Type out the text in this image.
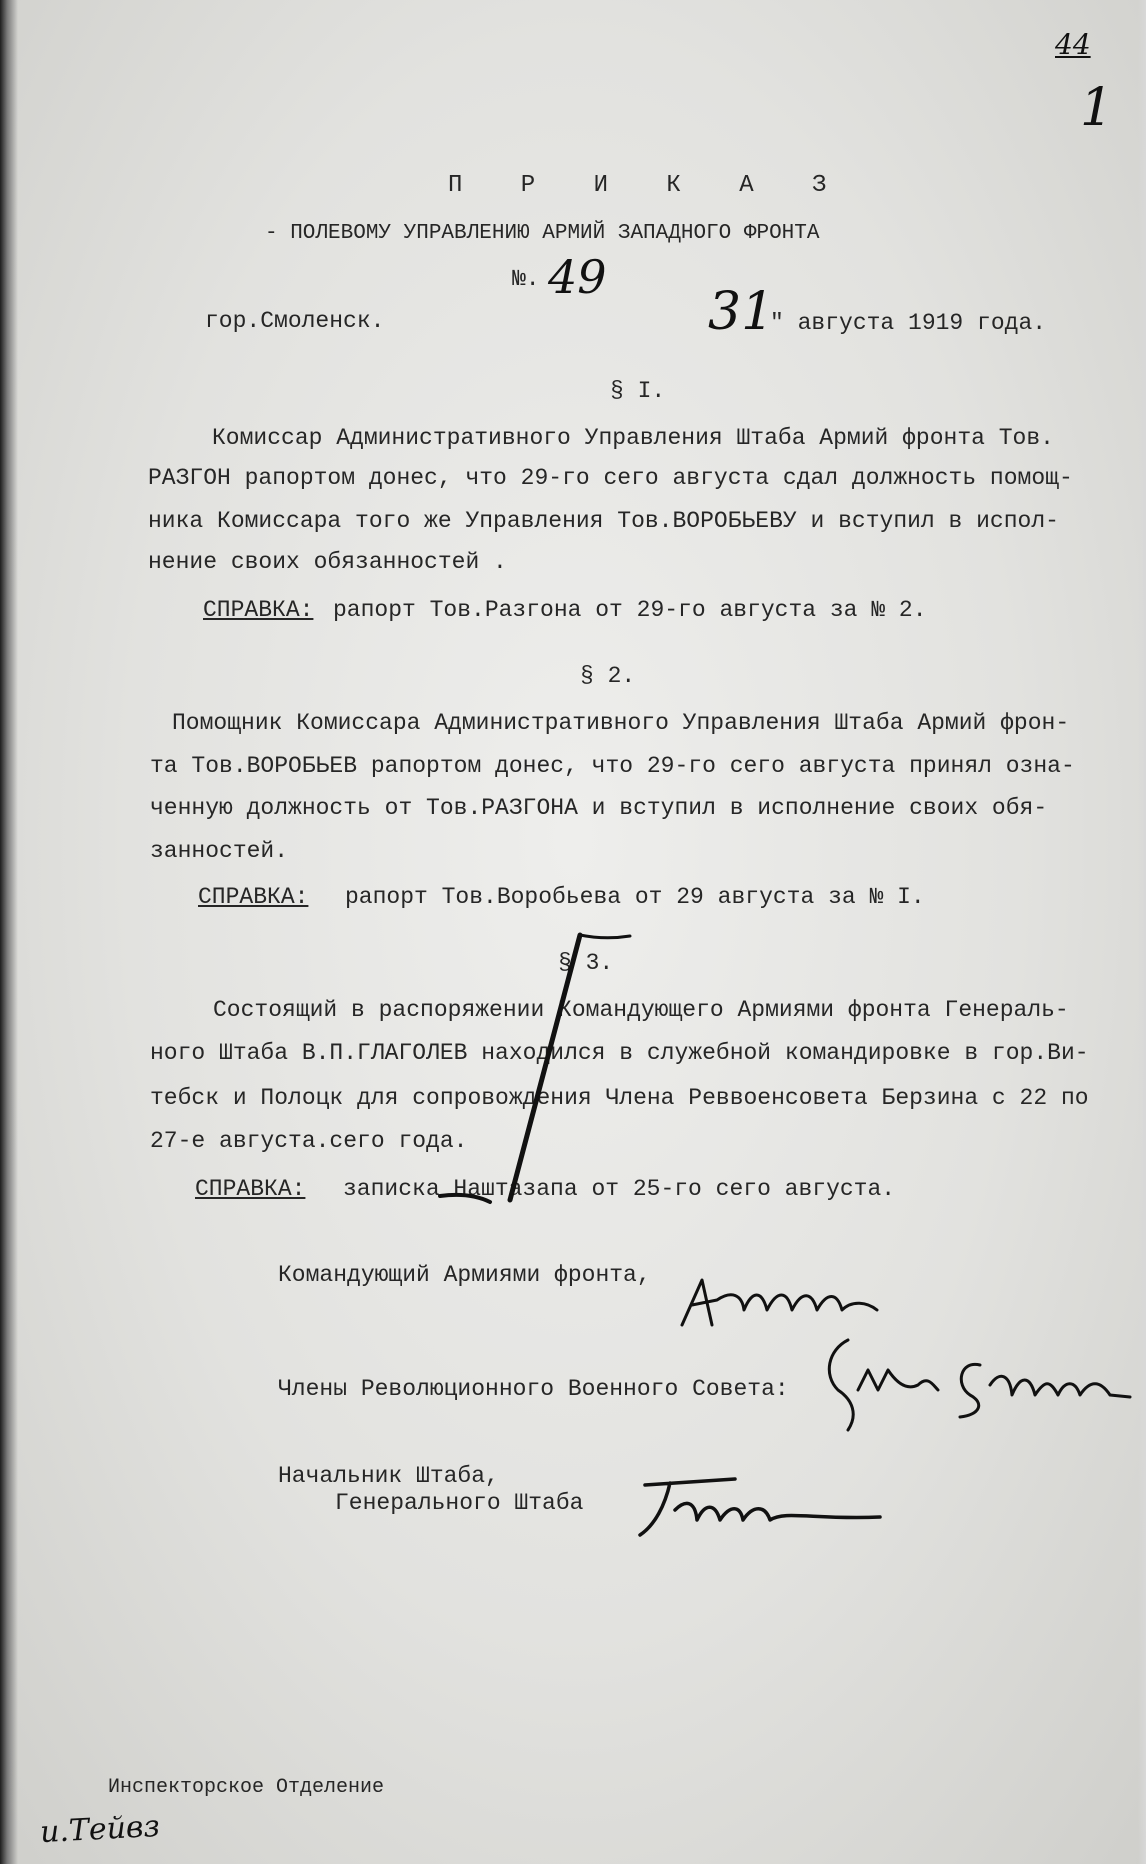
44
1
П Р И К А З
- ПОЛЕВОМУ УПРАВЛЕНИЮ АРМИЙ ЗАПАДНОГО ФРОНТА
№. 49
гор.Смоленск.	31
" августа 1919 года.
§ I.
Комиссар Административного Управления Штаба Армий фронта Тов.
РАЗГОН рапортом донес, что 29-го сего августа сдал должность помощ-
ника Комиссара того же Управления Тов.ВОРОБЬЕВУ и вступил в испол-
нение своих обязанностей .
СПРАВКА: рапорт Тов.Разгона от 29-го августа за № 2.
§ 2.
Помощник Комиссара Административного Управления Штаба Армий фрон-
та Тов.ВОРОБЬЕВ рапортом донес, что 29-го сего августа принял озна-
ченную должность от Тов.РАЗГОНА и вступил в исполнение своих обя-
занностей.
СПРАВКА: рапорт Тов.Воробьева от 29 августа за № I.
§ 3.
Состоящий в распоряжении Командующего Армиями фронта Генераль-
ного Штаба В.П.ГЛАГОЛЕВ находился в служебной командировке в гор.Ви-
тебск и Полоцк для сопровождения Члена Реввоенсовета Берзина с 22 по
27-е августа.сего года.
СПРАВКА: записка Наштазапа от 25-го сего августа.
Командующий Армиями фронта,
Члены Революционного Военного Совета:
Начальник Штаба,
Генерального Штаба
Инспекторское Отделение
и.Тейвз
